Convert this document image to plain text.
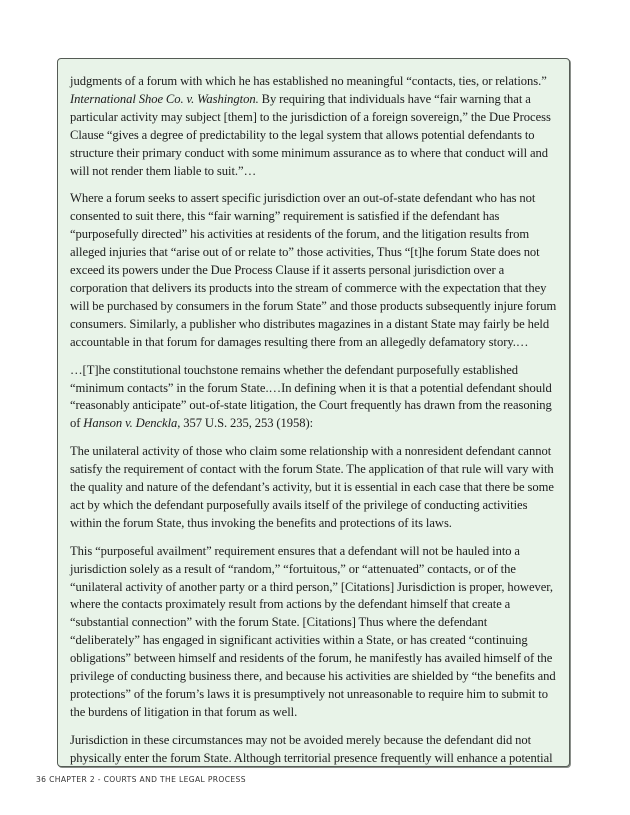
judgments of a forum with which he has established no meaningful “contacts, ties, or relations.” International Shoe Co. v. Washington. By requiring that individuals have “fair warning that a particular activity may subject [them] to the jurisdiction of a foreign sovereign,” the Due Process Clause “gives a degree of predictability to the legal system that allows potential defendants to structure their primary conduct with some minimum assurance as to where that conduct will and will not render them liable to suit.”…

Where a forum seeks to assert specific jurisdiction over an out-of-state defendant who has not consented to suit there, this “fair warning” requirement is satisfied if the defendant has “purposefully directed” his activities at residents of the forum, and the litigation results from alleged injuries that “arise out of or relate to” those activities, Thus “[t]he forum State does not exceed its powers under the Due Process Clause if it asserts personal jurisdiction over a corporation that delivers its products into the stream of commerce with the expectation that they will be purchased by consumers in the forum State” and those products subsequently injure forum consumers. Similarly, a publisher who distributes magazines in a distant State may fairly be held accountable in that forum for damages resulting there from an allegedly defamatory story.…

…[T]he constitutional touchstone remains whether the defendant purposefully established “minimum contacts” in the forum State.…In defining when it is that a potential defendant should “reasonably anticipate” out-of-state litigation, the Court frequently has drawn from the reasoning of Hanson v. Denckla, 357 U.S. 235, 253 (1958):

The unilateral activity of those who claim some relationship with a nonresident defendant cannot satisfy the requirement of contact with the forum State. The application of that rule will vary with the quality and nature of the defendant’s activity, but it is essential in each case that there be some act by which the defendant purposefully avails itself of the privilege of conducting activities within the forum State, thus invoking the benefits and protections of its laws.

This “purposeful availment” requirement ensures that a defendant will not be hauled into a jurisdiction solely as a result of “random,” “fortuitous,” or “attenuated” contacts, or of the “unilateral activity of another party or a third person,” [Citations] Jurisdiction is proper, however, where the contacts proximately result from actions by the defendant himself that create a “substantial connection” with the forum State. [Citations] Thus where the defendant “deliberately” has engaged in significant activities within a State, or has created “continuing obligations” between himself and residents of the forum, he manifestly has availed himself of the privilege of conducting business there, and because his activities are shielded by “the benefits and protections” of the forum’s laws it is presumptively not unreasonable to require him to submit to the burdens of litigation in that forum as well.

Jurisdiction in these circumstances may not be avoided merely because the defendant did not physically enter the forum State. Although territorial presence frequently will enhance a potential

36 CHAPTER 2 - COURTS AND THE LEGAL PROCESS
